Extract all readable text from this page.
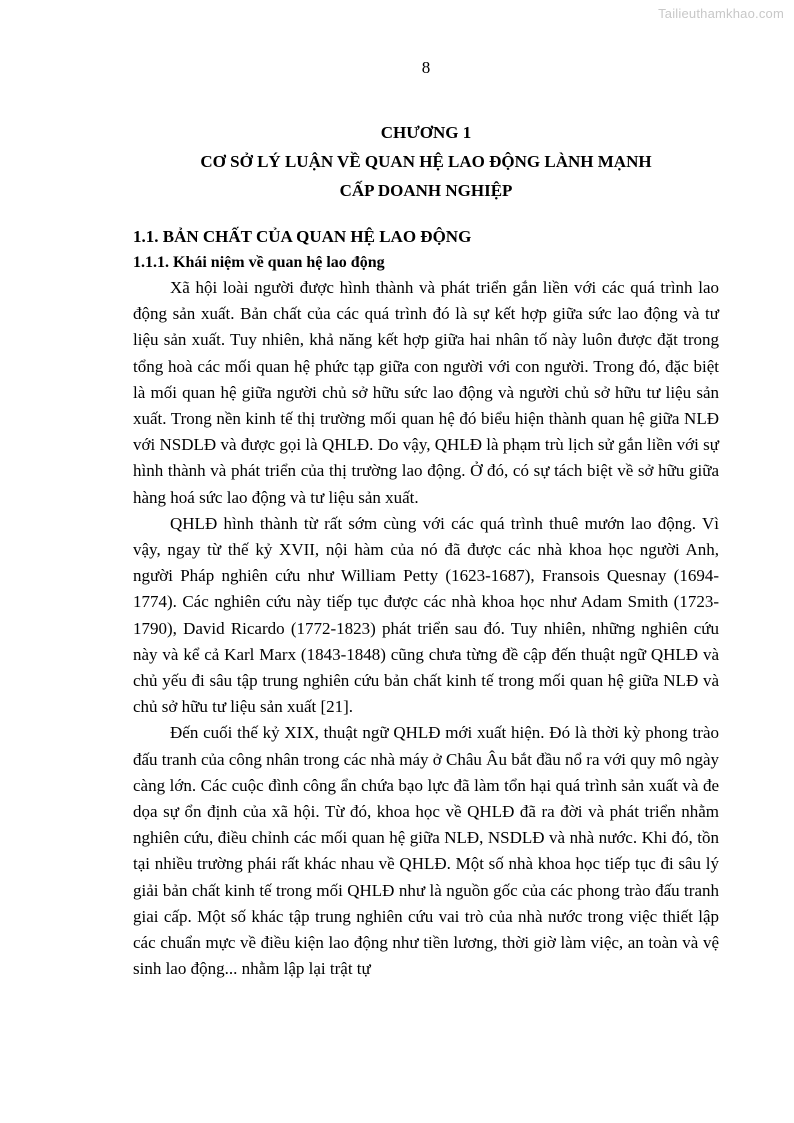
Tailieuthamkhao.com
8
CHƯƠNG 1
CƠ SỞ LÝ LUẬN VỀ QUAN HỆ LAO ĐỘNG LÀNH MẠNH
CẤP DOANH NGHIỆP
1.1. BẢN CHẤT CỦA QUAN HỆ LAO ĐỘNG
1.1.1. Khái niệm về quan hệ lao động

Xã hội loài người được hình thành và phát triển gắn liền với các quá trình lao động sản xuất. Bản chất của các quá trình đó là sự kết hợp giữa sức lao động và tư liệu sản xuất. Tuy nhiên, khả năng kết hợp giữa hai nhân tố này luôn được đặt trong tổng hoà các mối quan hệ phức tạp giữa con người với con người. Trong đó, đặc biệt là mối quan hệ giữa người chủ sở hữu sức lao động và người chủ sở hữu tư liệu sản xuất. Trong nền kinh tế thị trường mối quan hệ đó biểu hiện thành quan hệ giữa NLĐ với NSDLĐ và được gọi là QHLĐ. Do vậy, QHLĐ là phạm trù lịch sử gắn liền với sự hình thành và phát triển của thị trường lao động. Ở đó, có sự tách biệt về sở hữu giữa hàng hoá sức lao động và tư liệu sản xuất.

QHLĐ hình thành từ rất sớm cùng với các quá trình thuê mướn lao động. Vì vậy, ngay từ thế kỷ XVII, nội hàm của nó đã được các nhà khoa học người Anh, người Pháp nghiên cứu như William Petty (1623-1687), Fransois Quesnay (1694-1774). Các nghiên cứu này tiếp tục được các nhà khoa học như Adam Smith (1723-1790), David Ricardo (1772-1823) phát triển sau đó. Tuy nhiên, những nghiên cứu này và kể cả Karl Marx (1843-1848) cũng chưa từng đề cập đến thuật ngữ QHLĐ và chủ yếu đi sâu tập trung nghiên cứu bản chất kinh tế trong mối quan hệ giữa NLĐ và chủ sở hữu tư liệu sản xuất [21].

Đến cuối thế kỷ XIX, thuật ngữ QHLĐ mới xuất hiện. Đó là thời kỳ phong trào đấu tranh của công nhân trong các nhà máy ở Châu Âu bắt đầu nổ ra với quy mô ngày càng lớn. Các cuộc đình công ẩn chứa bạo lực đã làm tổn hại quá trình sản xuất và đe dọa sự ổn định của xã hội. Từ đó, khoa học về QHLĐ đã ra đời và phát triển nhằm nghiên cứu, điều chỉnh các mối quan hệ giữa NLĐ, NSDLĐ và nhà nước. Khi đó, tồn tại nhiều trường phái rất khác nhau về QHLĐ. Một số nhà khoa học tiếp tục đi sâu lý giải bản chất kinh tế trong mối QHLĐ như là nguồn gốc của các phong trào đấu tranh giai cấp. Một số khác tập trung nghiên cứu vai trò của nhà nước trong việc thiết lập các chuẩn mực về điều kiện lao động như tiền lương, thời giờ làm việc, an toàn và vệ sinh lao động... nhằm lập lại trật tự
